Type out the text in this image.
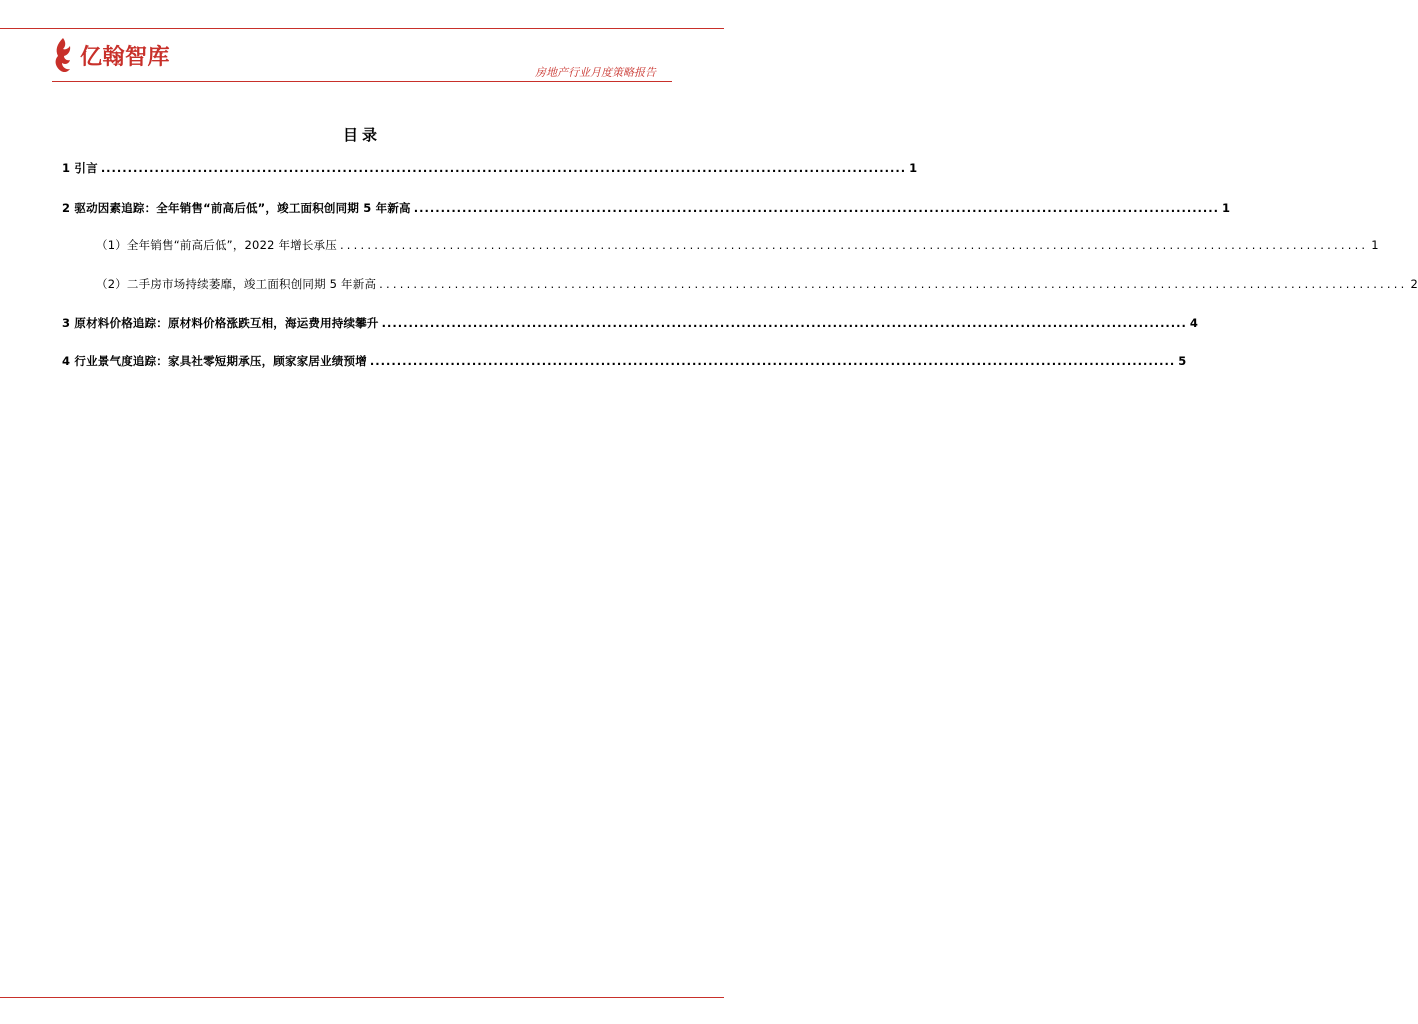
亿翰智库
房地产行业月度策略报告
目录
1 引言 ...................................................................................................................................................... 1
2 驱动因素追踪：全年销售“前高后低”，竣工面积创同期 5 年新高 ...................................................................................................................................................... 1
（1）全年销售“前高后低”，2022 年增长承压 ...................................................................................................................................................... 1
（2）二手房市场持续萎靡，竣工面积创同期 5 年新高 ...................................................................................................................................................... 2
3 原材料价格追踪：原材料价格涨跌互相，海运费用持续攀升 ...................................................................................................................................................... 4
4 行业景气度追踪：家具社零短期承压，顾家家居业绩预增 ...................................................................................................................................................... 5
